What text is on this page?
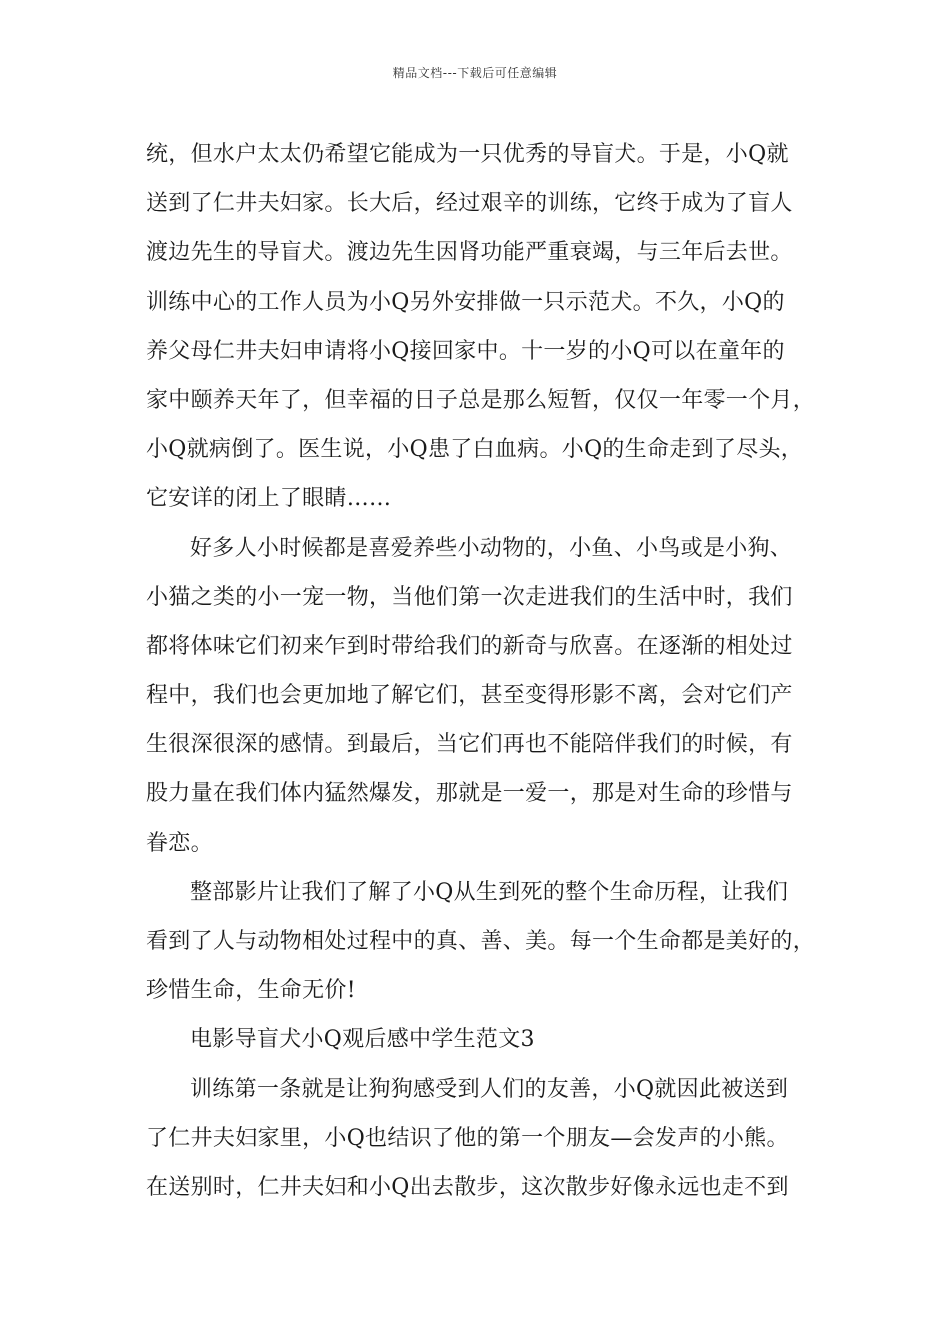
精品文档---下载后可任意编辑
统，但水户太太仍希望它能成为一只优秀的导盲犬。于是，小Q就
送到了仁井夫妇家。长大后，经过艰辛的训练，它终于成为了盲人
渡边先生的导盲犬。渡边先生因肾功能严重衰竭，与三年后去世。
训练中心的工作人员为小Q另外安排做一只示范犬。不久，小Q的
养父母仁井夫妇申请将小Q接回家中。十一岁的小Q可以在童年的
家中颐养天年了，但幸福的日子总是那么短暂，仅仅一年零一个月，
小Q就病倒了。医生说，小Q患了白血病。小Q的生命走到了尽头，
它安详的闭上了眼睛……
好多人小时候都是喜爱养些小动物的，小鱼、小鸟或是小狗、
小猫之类的小一宠一物，当他们第一次走进我们的生活中时，我们
都将体味它们初来乍到时带给我们的新奇与欣喜。在逐渐的相处过
程中，我们也会更加地了解它们，甚至变得形影不离，会对它们产
生很深很深的感情。到最后，当它们再也不能陪伴我们的时候，有
股力量在我们体内猛然爆发，那就是一爱一，那是对生命的珍惜与
眷恋。
整部影片让我们了解了小Q从生到死的整个生命历程，让我们
看到了人与动物相处过程中的真、善、美。每一个生命都是美好的，
珍惜生命，生命无价!
电影导盲犬小Q观后感中学生范文3
训练第一条就是让狗狗感受到人们的友善，小Q就因此被送到
了仁井夫妇家里，小Q也结识了他的第一个朋友—会发声的小熊。
在送别时，仁井夫妇和小Q出去散步，这次散步好像永远也走不到
